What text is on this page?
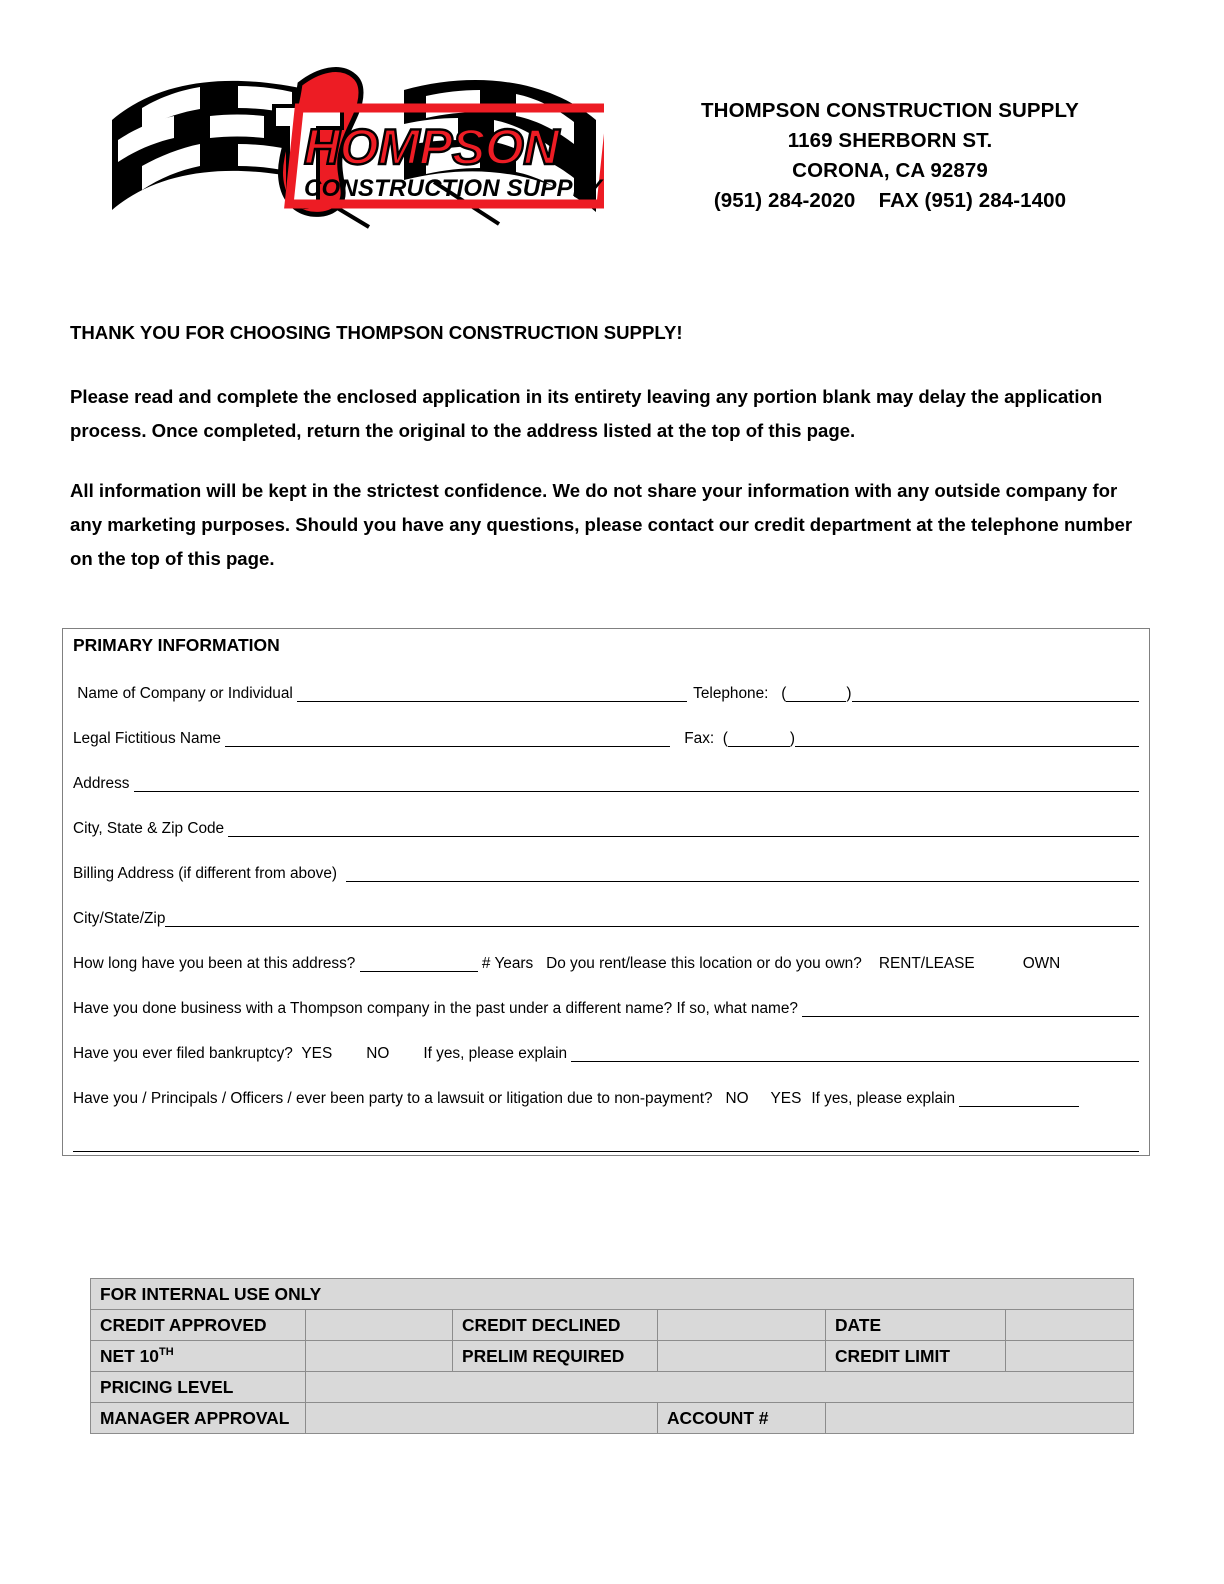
HOMPSON
CONSTRUCTION SUPPLY
THOMPSON CONSTRUCTION SUPPLY
1169 SHERBORN ST.
CORONA, CA 92879
(951) 284-2020    FAX (951) 284-1400

THANK YOU FOR CHOOSING THOMPSON CONSTRUCTION SUPPLY!

Please read and complete the enclosed application in its entirety leaving any portion blank may delay the application process. Once completed, return the original to the address listed at the top of this page.

All information will be kept in the strictest confidence. We do not share your information with any outside company for any marketing purposes. Should you have any questions, please contact our credit department at the telephone number on the top of this page.

PRIMARY INFORMATION
Name of Company or Individual
	Telephone:   (
	)

Legal Fictitious Name
	Fax:  (
	)

Address

City, State & Zip Code

Billing Address (if different from above)

City/State/Zip

How long have you been at this address?
	# Years   Do you rent/lease this location or do you own? RENT/LEASE	OWN
Have you done business with a Thompson company in the past under a different name? If so, what name?

Have you ever filed bankruptcy? YES NO If yes, please explain

Have you / Principals / Officers / ever been party to a lawsuit or litigation due to non-payment? NO YES If yes, please explain

FOR INTERNAL USE ONLY					
CREDIT APPROVED		CREDIT DECLINED		DATE	
NET 10TH		PRELIM REQUIRED		CREDIT LIMIT	
PRICING LEVEL					
MANAGER APPROVAL			ACCOUNT #		
